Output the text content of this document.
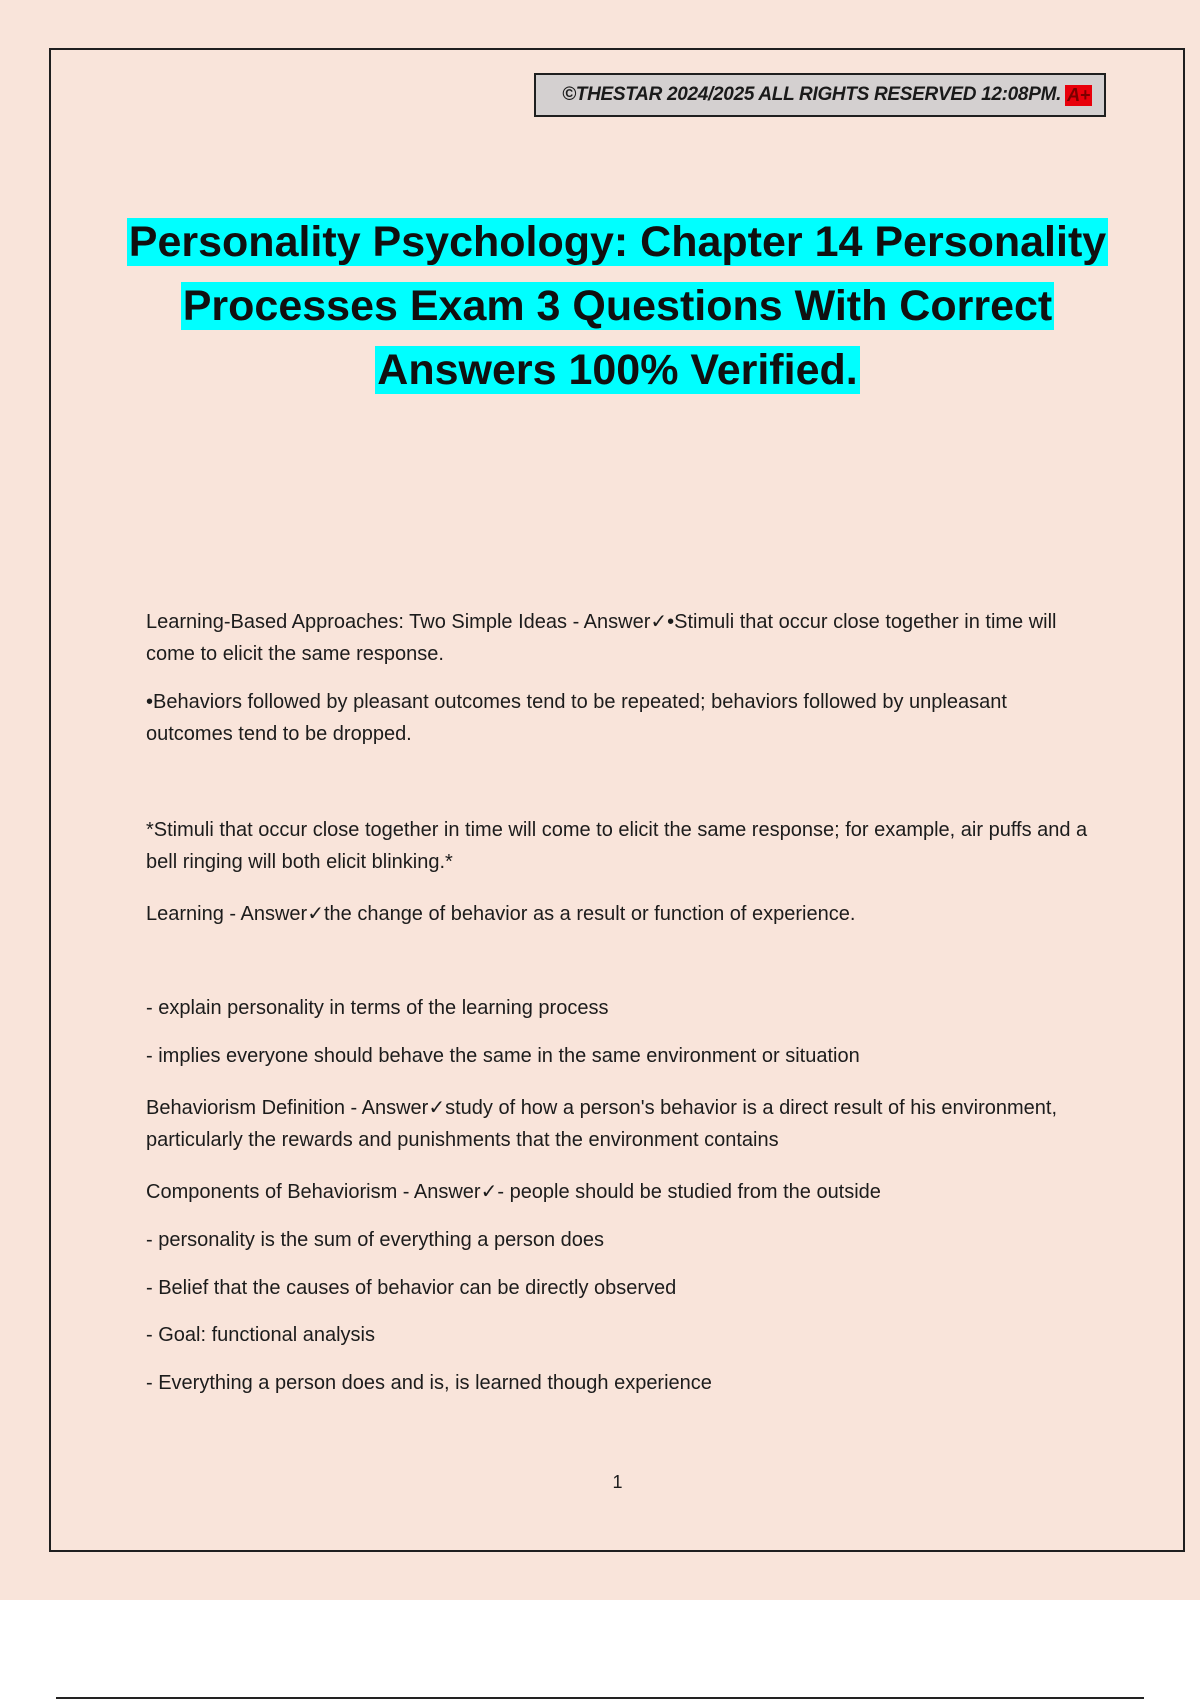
©THESTAR 2024/2025 ALL RIGHTS RESERVED 12:08PM. A+
Personality Psychology: Chapter 14 Personality
Processes Exam 3 Questions With Correct
Answers 100% Verified.

Learning-Based Approaches: Two Simple Ideas - Answer✓•Stimuli that occur close together in time will come to elicit the same response.

•Behaviors followed by pleasant outcomes tend to be repeated; behaviors followed by unpleasant outcomes tend to be dropped.

*Stimuli that occur close together in time will come to elicit the same response; for example, air puffs and a bell ringing will both elicit blinking.*

Learning - Answer✓the change of behavior as a result or function of experience.

- explain personality in terms of the learning process

- implies everyone should behave the same in the same environment or situation

Behaviorism Definition - Answer✓study of how a person's behavior is a direct result of his environment, particularly the rewards and punishments that the environment contains

Components of Behaviorism - Answer✓- people should be studied from the outside

- personality is the sum of everything a person does

- Belief that the causes of behavior can be directly observed

- Goal: functional analysis

- Everything a person does and is, is learned though experience

1
